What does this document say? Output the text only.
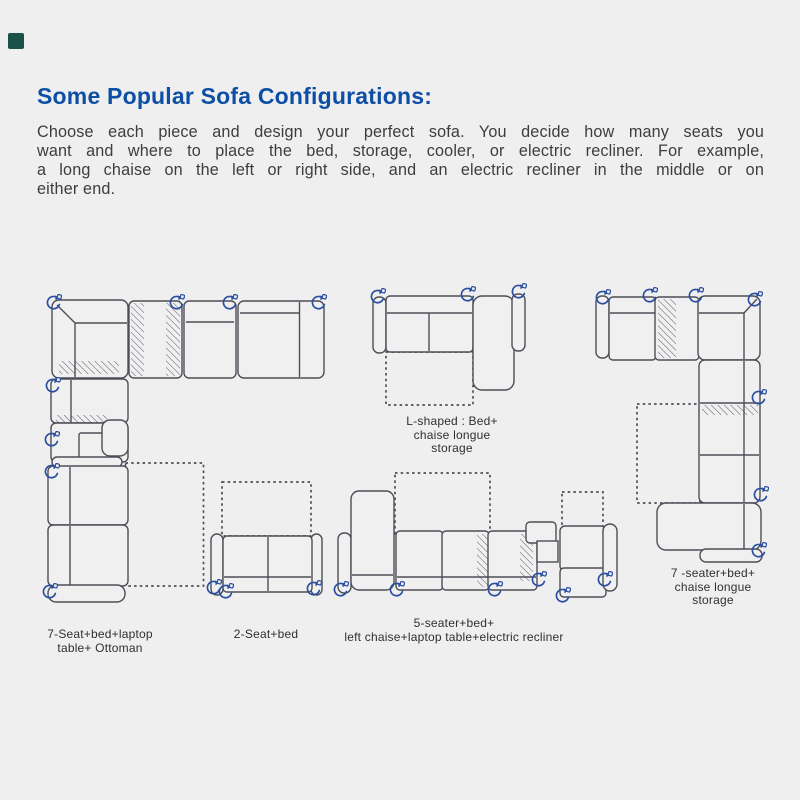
Some Popular Sofa Configurations:
Choose each piece and design your perfect sofa. You decide how many seats you
want and where to place the bed, storage, cooler, or electric recliner. For example,
a long chaise on the left or right side, and an electric recliner in the middle or on
either end.
7-Seat+bed+laptop
table+ Ottoman
2-Seat+bed
L-shaped : Bed+
chaise longue
storage
5-seater+bed+
left chaise+laptop table+electric recliner
7 -seater+bed+
chaise longue
storage
